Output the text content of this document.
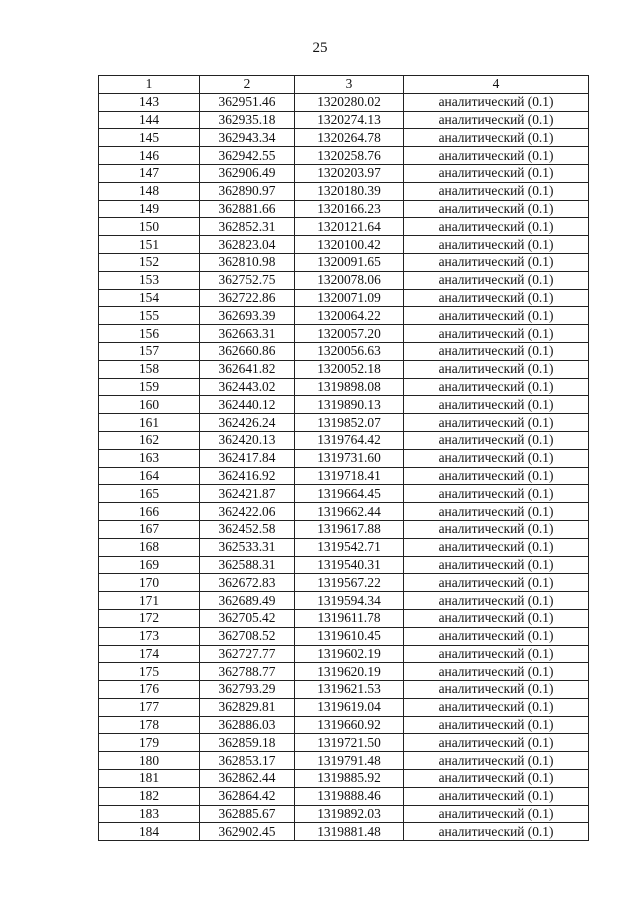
25
1	2	3	4
143	362951.46	1320280.02	аналитический (0.1)
144	362935.18	1320274.13	аналитический (0.1)
145	362943.34	1320264.78	аналитический (0.1)
146	362942.55	1320258.76	аналитический (0.1)
147	362906.49	1320203.97	аналитический (0.1)
148	362890.97	1320180.39	аналитический (0.1)
149	362881.66	1320166.23	аналитический (0.1)
150	362852.31	1320121.64	аналитический (0.1)
151	362823.04	1320100.42	аналитический (0.1)
152	362810.98	1320091.65	аналитический (0.1)
153	362752.75	1320078.06	аналитический (0.1)
154	362722.86	1320071.09	аналитический (0.1)
155	362693.39	1320064.22	аналитический (0.1)
156	362663.31	1320057.20	аналитический (0.1)
157	362660.86	1320056.63	аналитический (0.1)
158	362641.82	1320052.18	аналитический (0.1)
159	362443.02	1319898.08	аналитический (0.1)
160	362440.12	1319890.13	аналитический (0.1)
161	362426.24	1319852.07	аналитический (0.1)
162	362420.13	1319764.42	аналитический (0.1)
163	362417.84	1319731.60	аналитический (0.1)
164	362416.92	1319718.41	аналитический (0.1)
165	362421.87	1319664.45	аналитический (0.1)
166	362422.06	1319662.44	аналитический (0.1)
167	362452.58	1319617.88	аналитический (0.1)
168	362533.31	1319542.71	аналитический (0.1)
169	362588.31	1319540.31	аналитический (0.1)
170	362672.83	1319567.22	аналитический (0.1)
171	362689.49	1319594.34	аналитический (0.1)
172	362705.42	1319611.78	аналитический (0.1)
173	362708.52	1319610.45	аналитический (0.1)
174	362727.77	1319602.19	аналитический (0.1)
175	362788.77	1319620.19	аналитический (0.1)
176	362793.29	1319621.53	аналитический (0.1)
177	362829.81	1319619.04	аналитический (0.1)
178	362886.03	1319660.92	аналитический (0.1)
179	362859.18	1319721.50	аналитический (0.1)
180	362853.17	1319791.48	аналитический (0.1)
181	362862.44	1319885.92	аналитический (0.1)
182	362864.42	1319888.46	аналитический (0.1)
183	362885.67	1319892.03	аналитический (0.1)
184	362902.45	1319881.48	аналитический (0.1)
